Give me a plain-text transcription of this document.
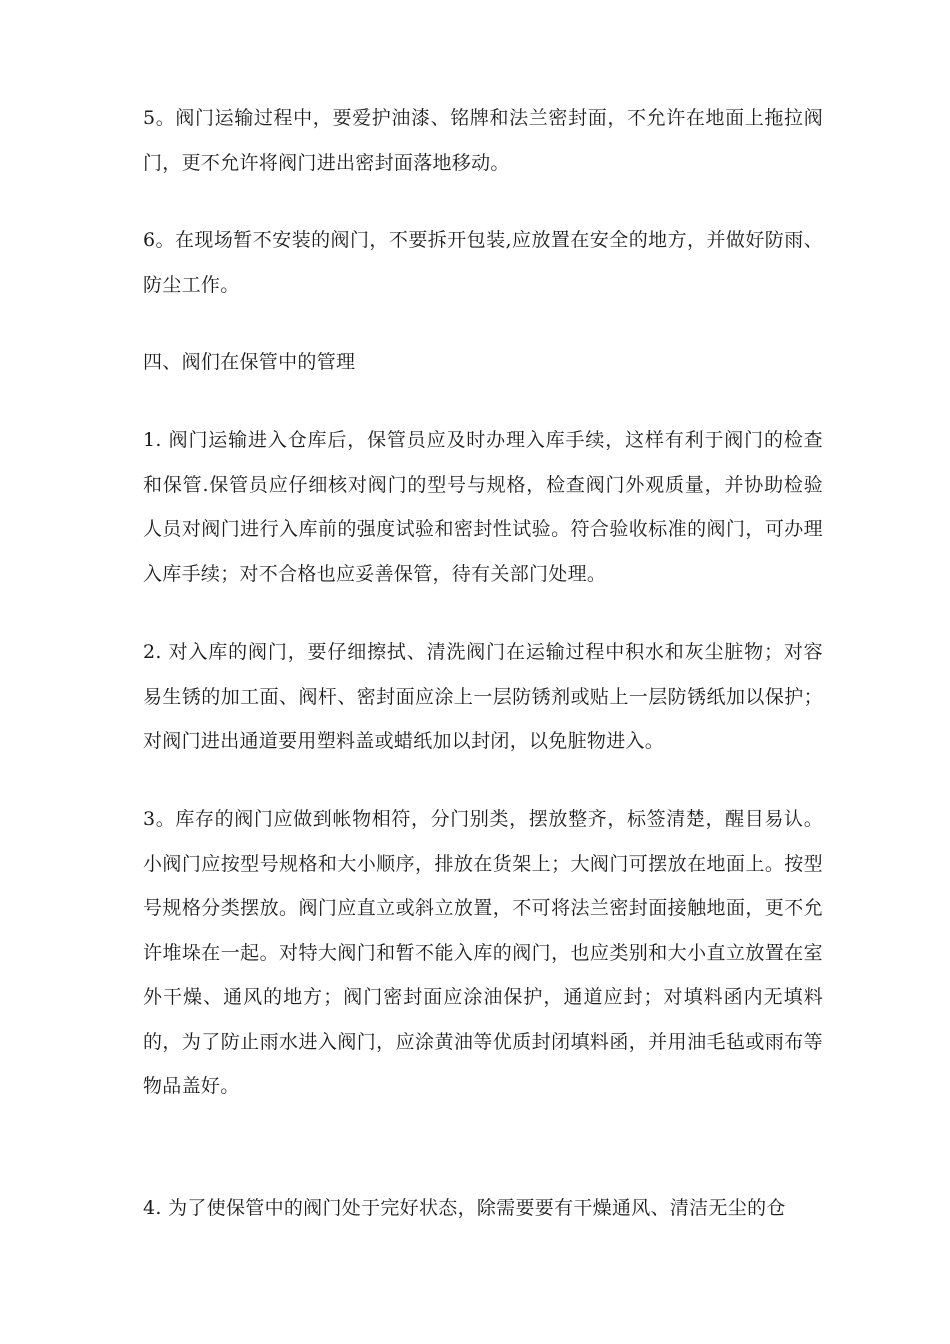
5。阀门运输过程中，要爱护油漆、铭牌和法兰密封面，不允许在地面上拖拉阀门，更不允许将阀门进出密封面落地移动。

6。在现场暂不安装的阀门，不要拆开包装,应放置在安全的地方，并做好防雨、防尘工作。

四、阀们在保管中的管理

1. 阀门运输进入仓库后，保管员应及时办理入库手续，这样有利于阀门的检查和保管.保管员应仔细核对阀门的型号与规格，检查阀门外观质量，并协助检验人员对阀门进行入库前的强度试验和密封性试验。符合验收标准的阀门，可办理入库手续；对不合格也应妥善保管，待有关部门处理。

2. 对入库的阀门，要仔细擦拭、清洗阀门在运输过程中积水和灰尘脏物；对容易生锈的加工面、阀杆、密封面应涂上一层防锈剂或贴上一层防锈纸加以保护；对阀门进出通道要用塑料盖或蜡纸加以封闭，以免脏物进入。

3。库存的阀门应做到帐物相符，分门别类，摆放整齐，标签清楚，醒目易认。小阀门应按型号规格和大小顺序，排放在货架上；大阀门可摆放在地面上。按型号规格分类摆放。阀门应直立或斜立放置，不可将法兰密封面接触地面，更不允许堆垛在一起。对特大阀门和暂不能入库的阀门，也应类别和大小直立放置在室外干燥、通风的地方；阀门密封面应涂油保护，通道应封；对填料函内无填料的，为了防止雨水进入阀门，应涂黄油等优质封闭填料函，并用油毛毡或雨布等物品盖好。

4. 为了使保管中的阀门处于完好状态，除需要要有干燥通风、清洁无尘的仓
